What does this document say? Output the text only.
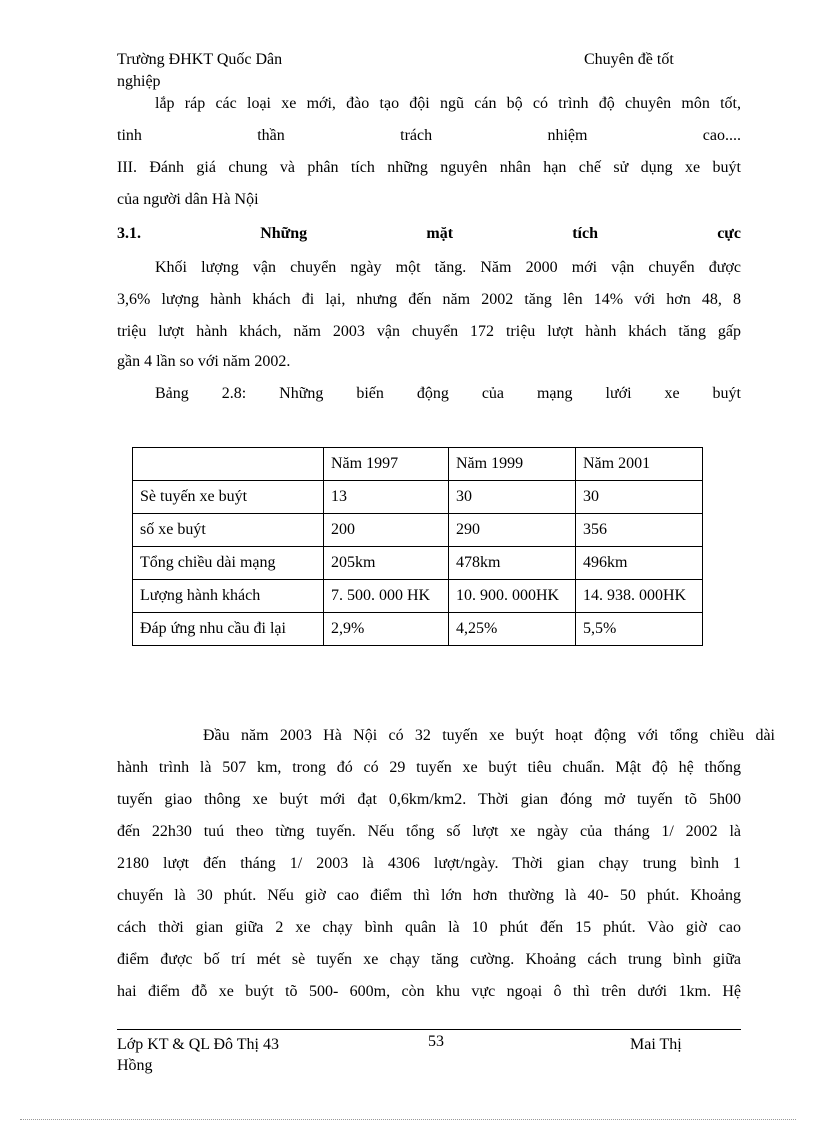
Trường ĐHKT Quốc Dân	Chuyên đề tốt
nghiệp
lắp ráp các loại xe mới, đào tạo đội ngũ cán bộ có trình độ chuyên môn tốt,
tinh thần trách nhiệm cao....
III. Đánh giá chung và phân tích những nguyên nhân hạn chế sử dụng xe buýt
của người dân Hà Nội
3.1. Những mặt tích cực
Khối lượng vận chuyển ngày một tăng. Năm 2000 mới vận chuyển được
3,6% lượng hành khách đi lại, nhưng đến năm 2002 tăng lên 14% với hơn 48, 8
triệu lượt hành khách, năm 2003 vận chuyển 172 triệu lượt hành khách tăng gấp
gần 4 lần so với năm 2002.
Bảng 2.8: Những biến động của mạng lưới xe buýt
	Năm 1997	Năm 1999	Năm 2001
Sè tuyến xe buýt	13	30	30
số xe buýt	200	290	356
Tổng chiều dài mạng	205km	478km	496km
Lượng hành khách	7. 500. 000 HK	10. 900. 000HK	14. 938. 000HK
Đáp ứng nhu cầu đi lại	2,9%	4,25%	5,5%
Đầu năm 2003 Hà Nội có 32 tuyến xe buýt hoạt động với tổng chiều dài
hành trình là 507 km, trong đó có 29 tuyến xe buýt tiêu chuẩn. Mật độ hệ thống
tuyến giao thông xe buýt mới đạt 0,6km/km2. Thời gian đóng mở tuyến tõ 5h00
đến 22h30 tuú theo từng tuyến. Nếu tổng số lượt xe ngày của tháng 1/ 2002 là
2180 lượt đến tháng 1/ 2003 là 4306 lượt/ngày. Thời gian chạy trung bình 1
chuyến là 30 phút. Nếu giờ cao điểm thì lớn hơn thường là 40- 50 phút. Khoảng
cách thời gian giữa 2 xe chạy bình quân là 10 phút đến 15 phút. Vào giờ cao
điểm được bố trí mét sè tuyến xe chạy tăng cường. Khoảng cách trung bình giữa
hai điểm đỗ xe buýt tõ 500- 600m, còn khu vực ngoại ô thì trên dưới 1km. Hệ
Lớp KT & QL Đô Thị 43	53	Mai Thị
Hồng
